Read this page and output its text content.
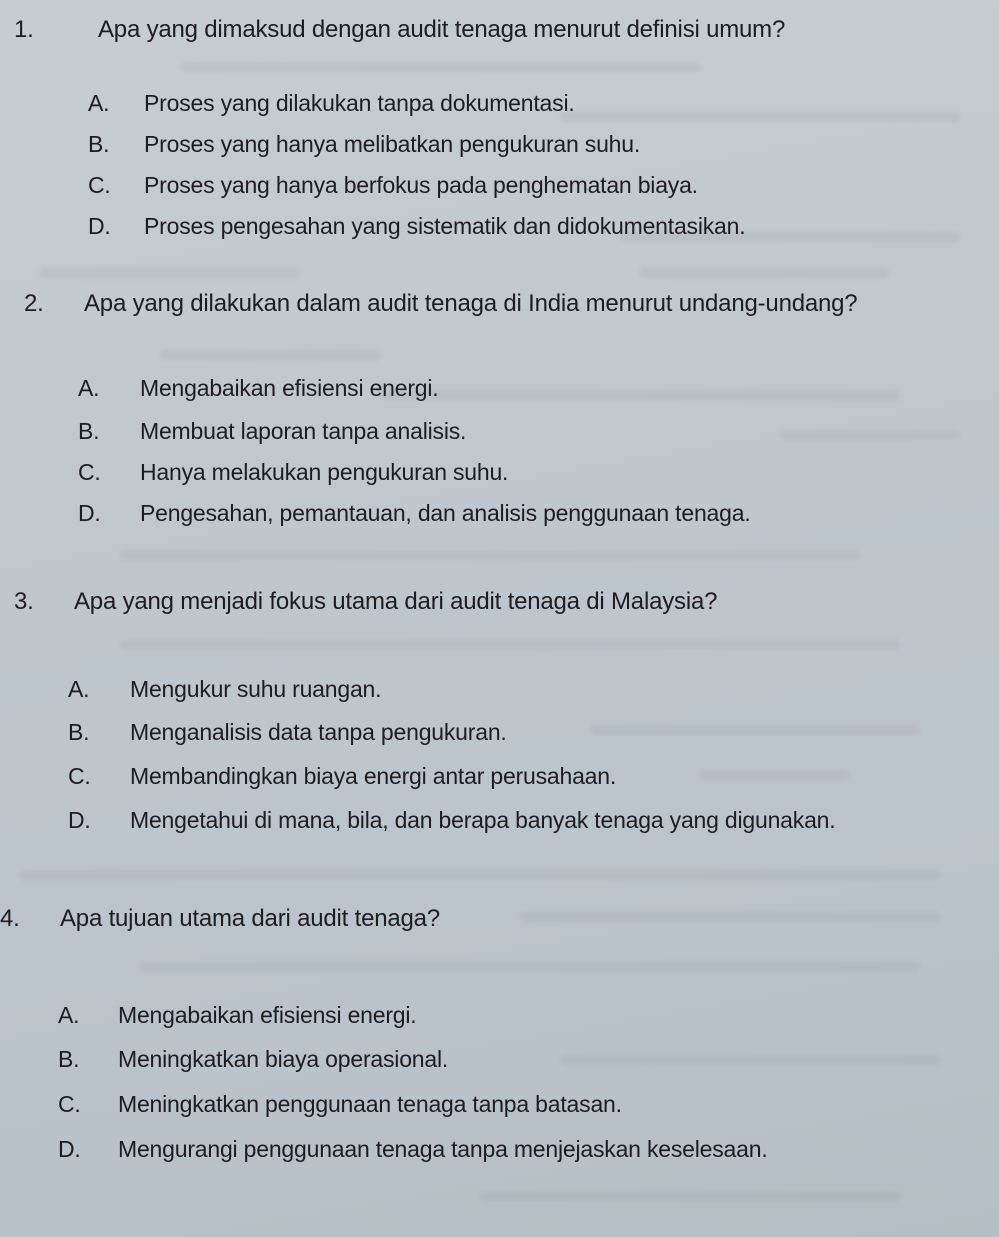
1.	Apa yang dimaksud dengan audit tenaga menurut definisi umum?
A. Proses yang dilakukan tanpa dokumentasi.
B. Proses yang hanya melibatkan pengukuran suhu.
C. Proses yang hanya berfokus pada penghematan biaya.
D. Proses pengesahan yang sistematik dan didokumentasikan.
2. Apa yang dilakukan dalam audit tenaga di India menurut undang-undang?
A. Mengabaikan efisiensi energi.
B. Membuat laporan tanpa analisis.
C. Hanya melakukan pengukuran suhu.
D. Pengesahan, pemantauan, dan analisis penggunaan tenaga.
3. Apa yang menjadi fokus utama dari audit tenaga di Malaysia?
A. Mengukur suhu ruangan.
B. Menganalisis data tanpa pengukuran.
C. Membandingkan biaya energi antar perusahaan.
D. Mengetahui di mana, bila, dan berapa banyak tenaga yang digunakan.
4. Apa tujuan utama dari audit tenaga?
A. Mengabaikan efisiensi energi.
B. Meningkatkan biaya operasional.
C. Meningkatkan penggunaan tenaga tanpa batasan.
D. Mengurangi penggunaan tenaga tanpa menjejaskan keselesaan.
